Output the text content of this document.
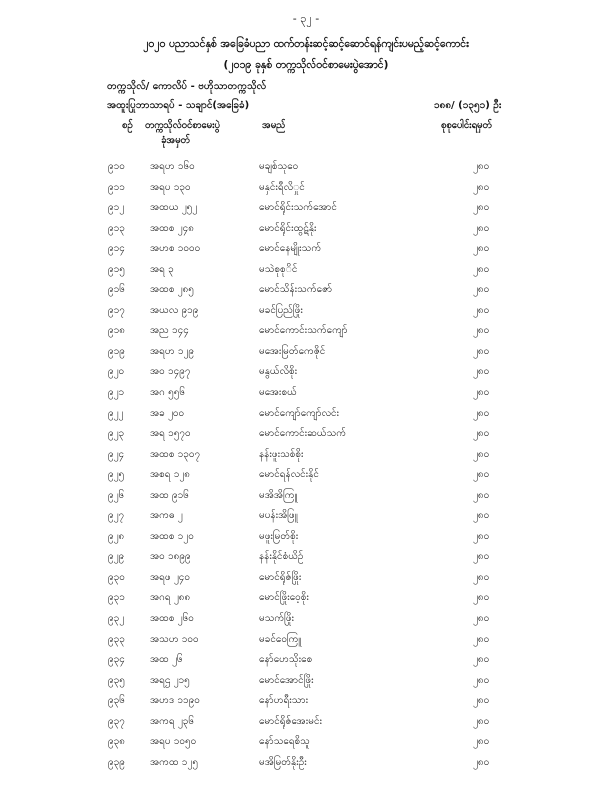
- ၃၂ -
၂၀၂၀ ပညာသင်နှစ် အခြေခံပညာ ထက်တန်းဆင့်ဆင့်ဆောင်ရန်ကျင်းပမည့်ဆင့်ကောင်း
(၂၀၁၉ ခုနှစ် တက္ကသိုလ်ဝင်စာမေးပွဲအောင်)
တက္ကသိုလ်/ ကောလိပ် - ဗဟိုသာတက္ကသိုလ်
အထူးပြုဘာသာရပ် - သချာင်(အခြေခံ)	၁၈၈/ (၁၃၅၁) ဦး
စဉ် တက္ကသိုလ်ဝင်စာမေးပွဲ
ခုံအမှတ်
အမည်	စုစုပေါင်းရမှတ်
၉၁၀	အရဟ ၁၆၀	မချစ်သုဝေ	၂၈၀
၉၁၁	အရပ ၁၃၀	မနှင်းရီလိှုင်	၂၈၀
၉၁၂	အထယ ၂၅၂	မောင်ရိုင်းသက်အောင်	၂၈၀
၉၁၃	အထစ ၂၄၈	မောင်ရိုင်းထွဋ်နိုး	၂၈၀
၉၁၄	အဟစ ၁၀၀၀	မောင်နေမျိုးသက်	၂၈၀
၉၁၅	အရ ၃	မသဲစုစုိင်	၂၈၀
၉၁၆	အထစ ၂၈၅	မောင်သိန်းသက်ဇော်	၂၈၀
၉၁၇	အယလ ၉၁၉	မခင်ပြည်ဖြိုး	၂၈၀
၉၁၈	အည ၁၄၄	မောင်ကောင်းသက်ကျော်	၂၈၀
၉၁၉	အရဟ ၁၂၉	မအေးမြတ်ကေဇိုင်	၂၈၀
၉၂၀	အ၀ ၁၄၉၇	မနွယ်လိစိုး	၂၈၀
၉၂၁	အဂ ၅၅၆	မအေးစယ်	၂၈၀
၉၂၂	အခ ၂၀၀	မောင်ကျော်ကျော်လင်း	၂၈၀
၉၂၃	အရ ၁၅၇၀	မောင်ကောင်းဆယ်သက်	၂၈၀
၉၂၄	အထစ ၁၃၀၇	နန်းဖူးသစ်စိုး	၂၈၀
၉၂၅	အစရ ၁၂၈	မောင်ရန်လင်းနိုင်	၂၈၀
၉၂၆	အထ ၉၁၆	မအိအိကြူ	၂၈၀
၉၂၇	အကဓ ၂	မပန်းအိဖြူ	၂၈၀
၉၂၈	အထစ ၁၂၀	မဖူးမြတ်စိုး	၂၈၀
၉၂၉	အ၀ ၁၈၉၉	နန်းနိုင်စံယိဉ်	၂၈၀
၉၃၀	အရဖ ၂၄၀	မောင်ရိုဇ်ဖြိုး	၂၈၀
၉၃၁	အဂရ ၂၈၈	မောင်ဖြိုးဝေ့စိုး	၂၈၀
၉၃၂	အထစ ၂၆၀	မသက်ဖြိုး	၂၈၀
၉၃၃	အသဟ ၁၀၀	မခင်ဝေကြူ	၂၈၀
၉၃၄	အထ ၂၆	နော်ဟေသိုးစေ	၂၈၀
၉၃၅	အရဌ ၂၁၅	မောင်အောင်ဖြိုး	၂၈၀
၉၃၆	အဟဒ ၁၁၉၀	နော်ဟရီးသား	၂၈၀
၉၃၇	အကရ ၂၃၆	မောင်ရိုဇ်အေးမင်း	၂၈၀
၉၃၈	အရပ ၁၀၅၀	နော်သရေစိသူ	၂၈၀
၉၃၉	အကထ ၁၂၅	မအိမြတ်နိုးဦး	၂၈၀
